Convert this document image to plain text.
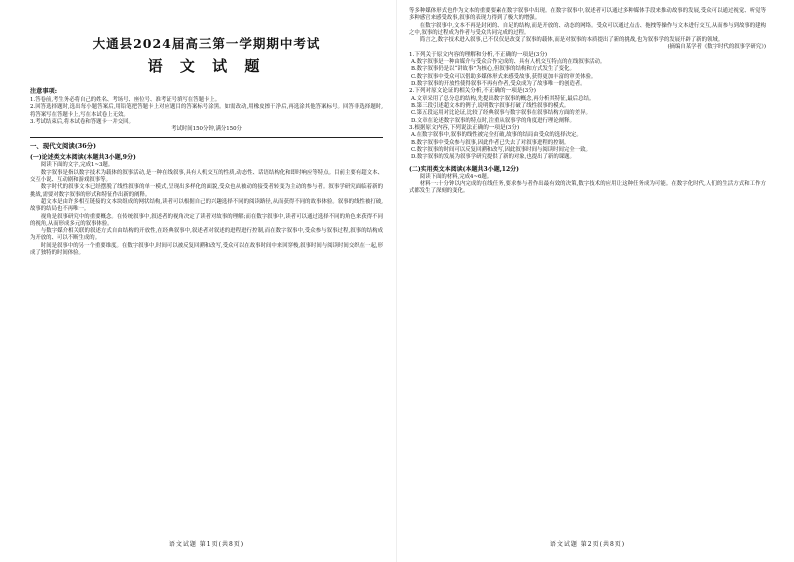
大通县2024届高三第一学期期中考试
语 文 试 题
注意事项:

1.答卷前,考生务必将自己的姓名、考场号、座位号、准考证号填写在答题卡上。

2.回答选择题时,选出每小题答案后,用铅笔把答题卡上对应题目的答案标号涂黑。如需改动,用橡皮擦干净后,再选涂其他答案标号。回答非选择题时,将答案写在答题卡上,写在本试卷上无效。

3.考试结束后,将本试卷和答题卡一并交回。

考试时间150分钟,满分150分

一、现代文阅读(36分)
(一)论述类文本阅读(本题共3小题,9分)

阅读下面的文字,完成1~3题。

数字叙事是指以数字技术为载体的叙事活动,是一种在线叙事,具有人机交互的性质,动态性、话语结构化和即时响应等特点。目前主要有超文本、交互小说、互动剧和游戏叙事等。

数字时代的叙事文本已经摆脱了线性叙事的单一模式,呈现出多样化的面貌,受众也从被动的接受者转变为主动的参与者。叙事学研究面临着新的挑战,需要对数字叙事的形式和特征作出新的阐释。

超文本是由许多相互链接的文本块组成的网状结构,读者可以根据自己的兴趣选择不同的阅读路径,从而获得不同的故事体验。叙事的线性被打破,故事的结局也不再唯一。

视角是叙事研究中的重要概念。在传统叙事中,叙述者的视角决定了读者对故事的理解;而在数字叙事中,读者可以通过选择不同的角色来获得不同的视角,从而形成多元的叙事体验。

与数字媒介相关联的叙述方式自由结构的开放性,在经典叙事中,叙述者对叙述的进程进行控制,而在数字叙事中,受众参与叙事过程,叙事的结构成为开放的、可以不断生成的。

时间是叙事中的另一个重要维度。在数字叙事中,时间可以被反复回溯和改写,受众可以在故事时间中来回穿梭,叙事时间与阅读时间交织在一起,形成了独特的时间体验。

语文试题 第1页(共8页)

等多种媒体形式也作为文本的重要要素在数字叙事中出现。在数字叙事中,叙述者可以通过多种媒体手段来推动故事的发展,受众可以通过视觉、听觉等多种感官来感受故事,叙事的表现力得到了极大的增强。

在数字叙事中,文本不再是封闭的、自足的结构,而是开放的、动态的网络。受众可以通过点击、拖拽等操作与文本进行交互,从而参与到故事的建构之中,叙事的过程成为作者与受众共同完成的过程。

简言之,数字技术进入叙事,已不仅仅是改变了叙事的载体,而是对叙事的本质提出了新的挑战,也为叙事学的发展开辟了新的领域。

(摘编自某学者《数字时代的叙事学研究》)

1.下列关于原文内容的理解和分析,不正确的一项是(3分)

A.数字叙事是一种由媒介与受众合作完成的、具有人机交互特点的在线叙事活动。

B.数字叙事仍是以“讲故事”为核心,但叙事的结构和方式发生了变化。

C.数字叙事中受众可以借助多媒体形式来感受故事,获得更加丰富的审美体验。

D.数字叙事的开放性使得叙事不再有作者,受众成为了故事唯一的创造者。

2.下列对原文论证的相关分析,不正确的一项是(3分)

A.文章采用了总分总的结构,先提出数字叙事的概念,再分析其特征,最后总结。

B.第三段引述超文本的例子,说明数字叙事打破了线性叙事的模式。

C.第五段运用对比论证,比较了经典叙事与数字叙事在叙事结构方面的差异。

D.文章在论述数字叙事的特点时,注重从叙事学的角度进行理论阐释。

3.根据原文内容,下列说法正确的一项是(3分)

A.在数字叙事中,叙事的线性被完全打破,故事的结局由受众的选择决定。

B.数字叙事中受众参与叙事,因此作者已失去了对叙事进程的控制。

C.数字叙事的时间可以反复回溯和改写,因此叙事时间与阅读时间完全一致。

D.数字叙事的发展为叙事学研究提供了新的对象,也提出了新的课题。

(二)实用类文本阅读(本题共3小题,12分)

阅读下面的材料,完成4~6题。

材料一:十分钟以内完成的在线任务,要求参与者作出最有效的决策,数字技术的应用让这种任务成为可能。在数字化时代,人们的生活方式和工作方式都发生了深刻的变化。

语文试题 第2页(共8页)
